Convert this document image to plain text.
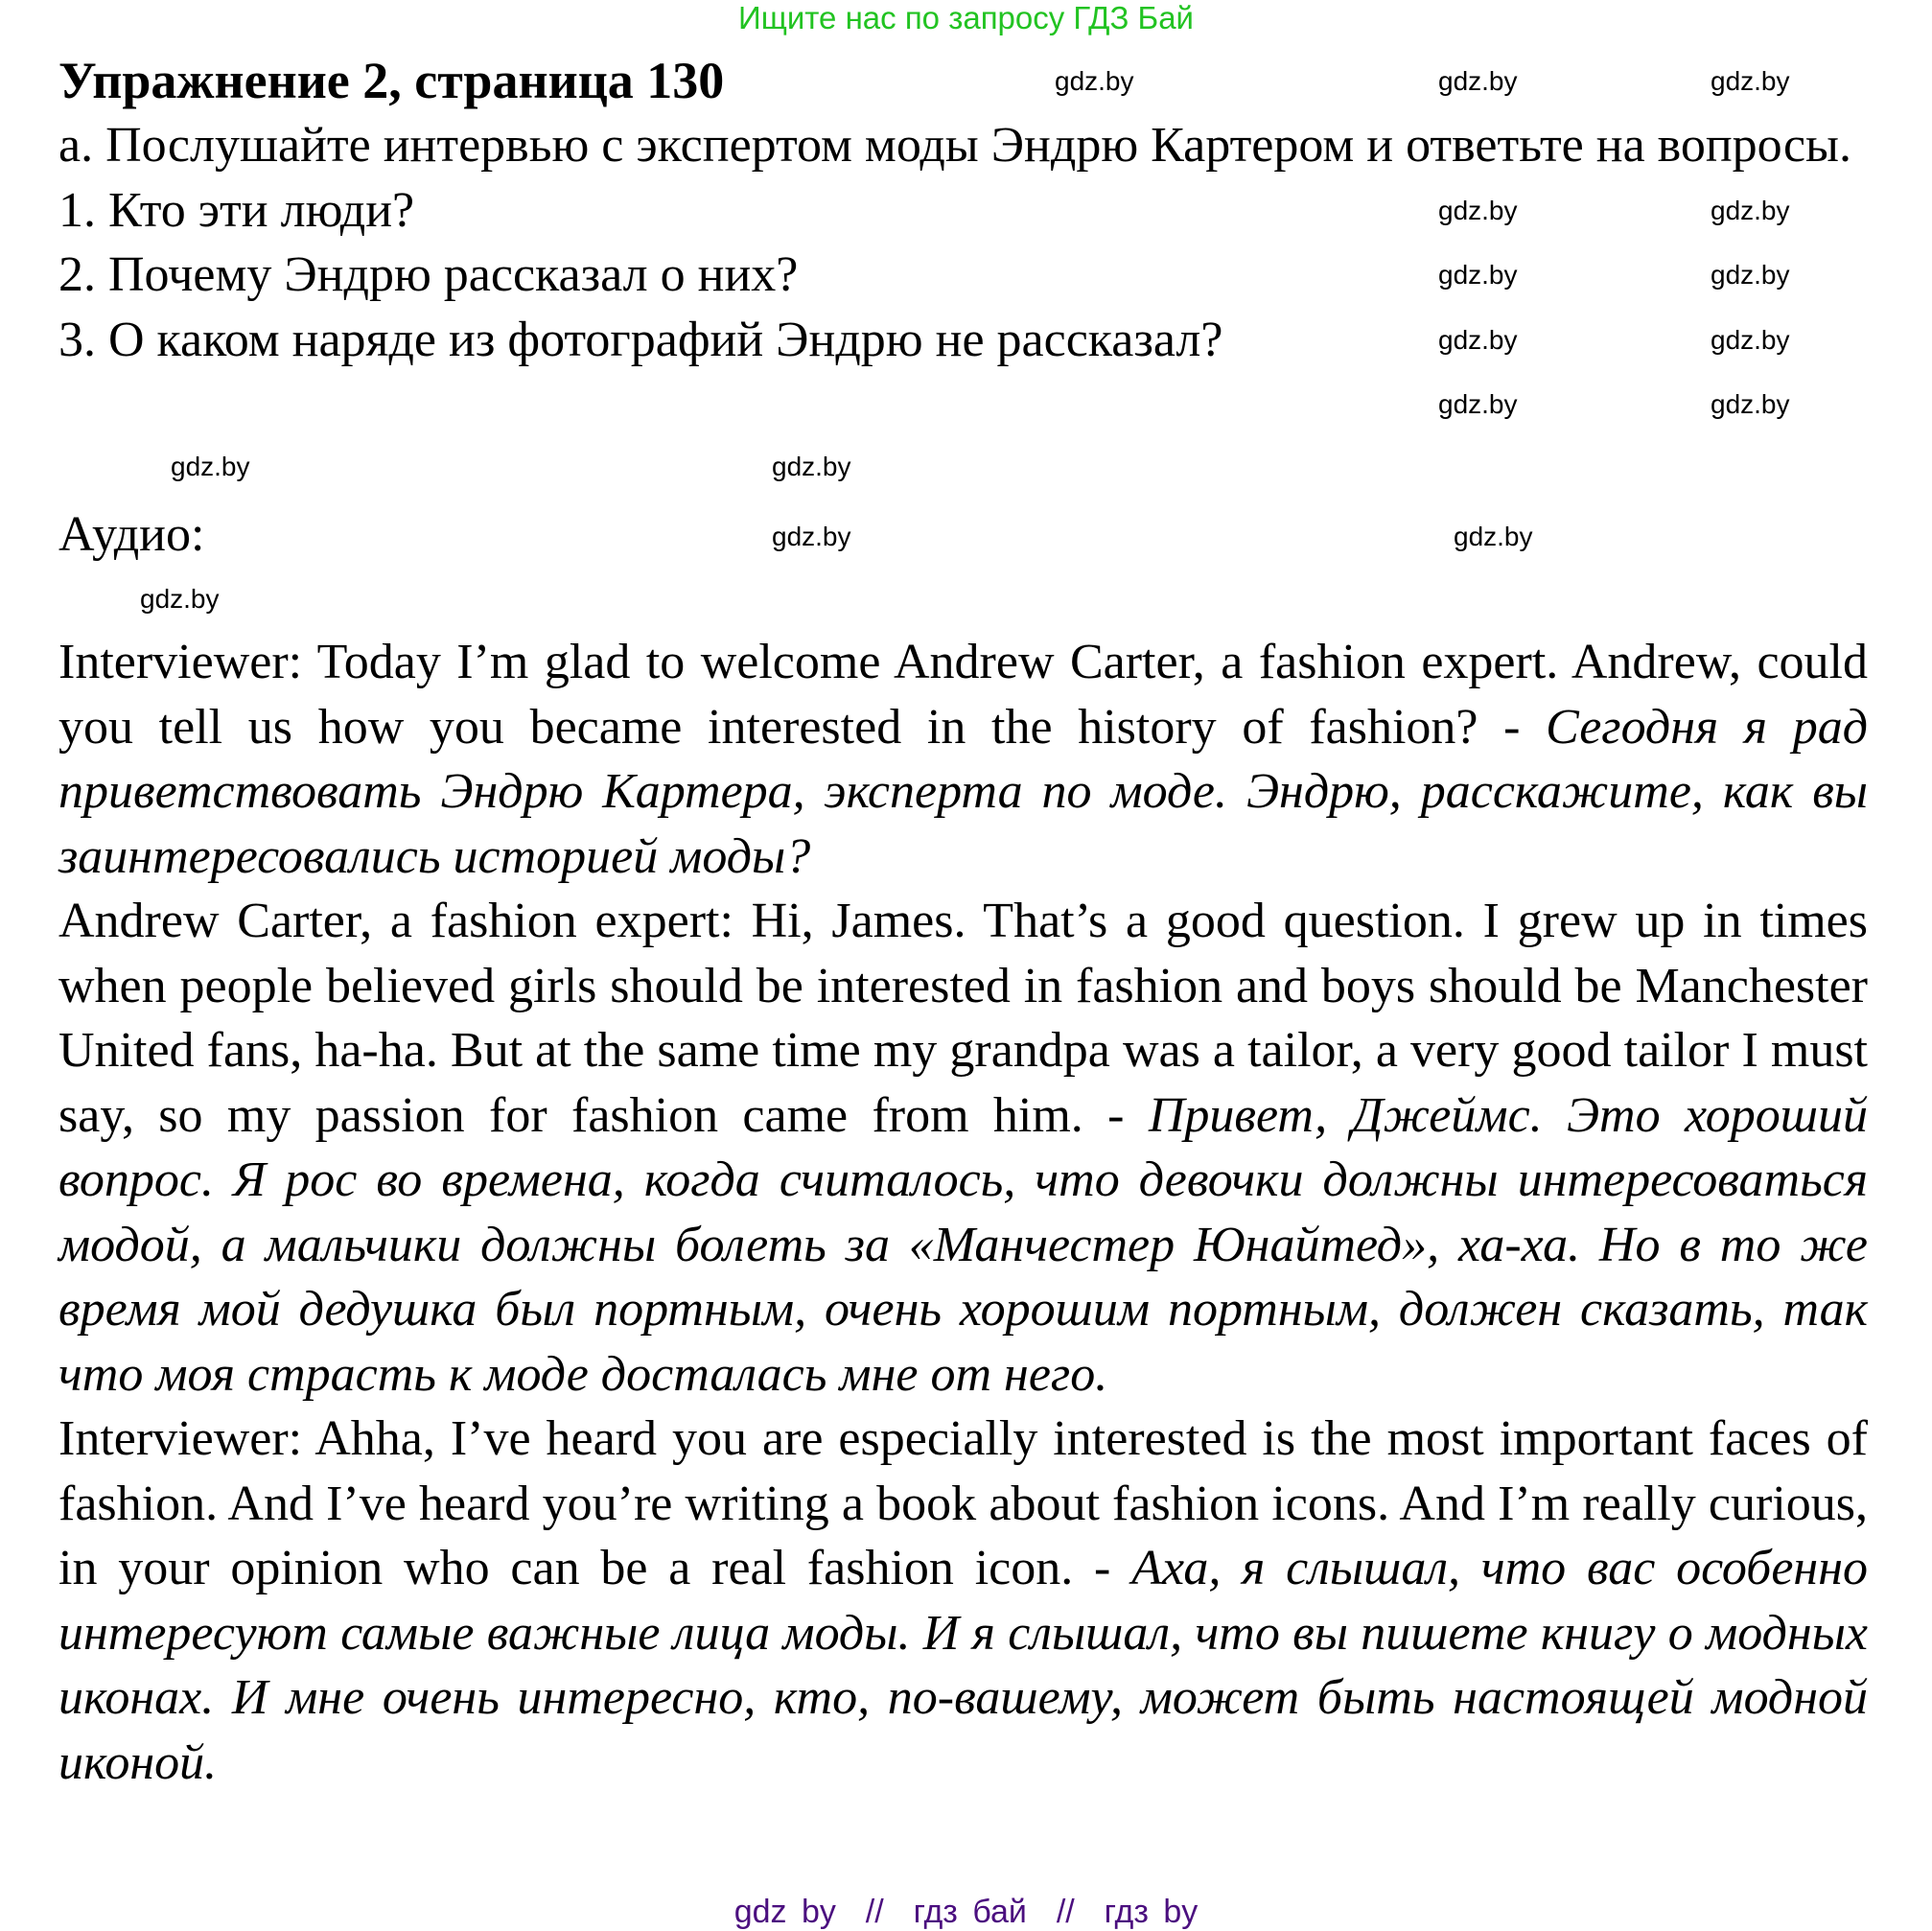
Ищите нас по запросу ГДЗ Бай
Упражнение 2, страница 130

а. Послушайте интервью с экспертом моды Эндрю Картером и ответьте на вопросы.

1. Кто эти люди?

2. Почему Эндрю рассказал о них?

3. О каком наряде из фотографий Эндрю не рассказал?

Аудио:

Interviewer: Today I’m glad to welcome Andrew Carter, a fashion expert. Andrew, could you tell us how you became interested in the history of fashion? - Сегодня я рад приветствовать Эндрю Картера, эксперта по моде. Эндрю, расскажите, как вы заинтересовались историей моды?

Andrew Carter, a fashion expert: Hi, James. That’s a good question. I grew up in times when people believed girls should be interested in fashion and boys should be Manchester United fans, ha-ha. But at the same time my grandpa was a tailor, a very good tailor I must say, so my passion for fashion came from him. - Привет, Джеймс. Это хороший вопрос. Я рос во времена, когда считалось, что девочки должны интересоваться модой, а мальчики должны болеть за «Манчестер Юнайтед», ха-ха. Но в то же время мой дедушка был портным, очень хорошим портным, должен сказать, так что моя страсть к моде досталась мне от него.

Interviewer: Ahha, I’ve heard you are especially interested is the most important faces of fashion. And I’ve heard you’re writing a book about fashion icons. And I’m really curious, in your opinion who can be a real fashion icon. - Аха, я слышал, что вас особенно интересуют самые важные лица моды. И я слышал, что вы пишете книгу о модных иконах. И мне очень интересно, кто, по-вашему, может быть настоящей модной иконой.

gdz.by	gdz.by	gdz.by
gdz.by	gdz.by
gdz.by	gdz.by
gdz.by	gdz.by
gdz.by	gdz.by
gdz.by	gdz.by
gdz.by	gdz.by
gdz.by
gdz by  //  гдз бай  //  гдз by
